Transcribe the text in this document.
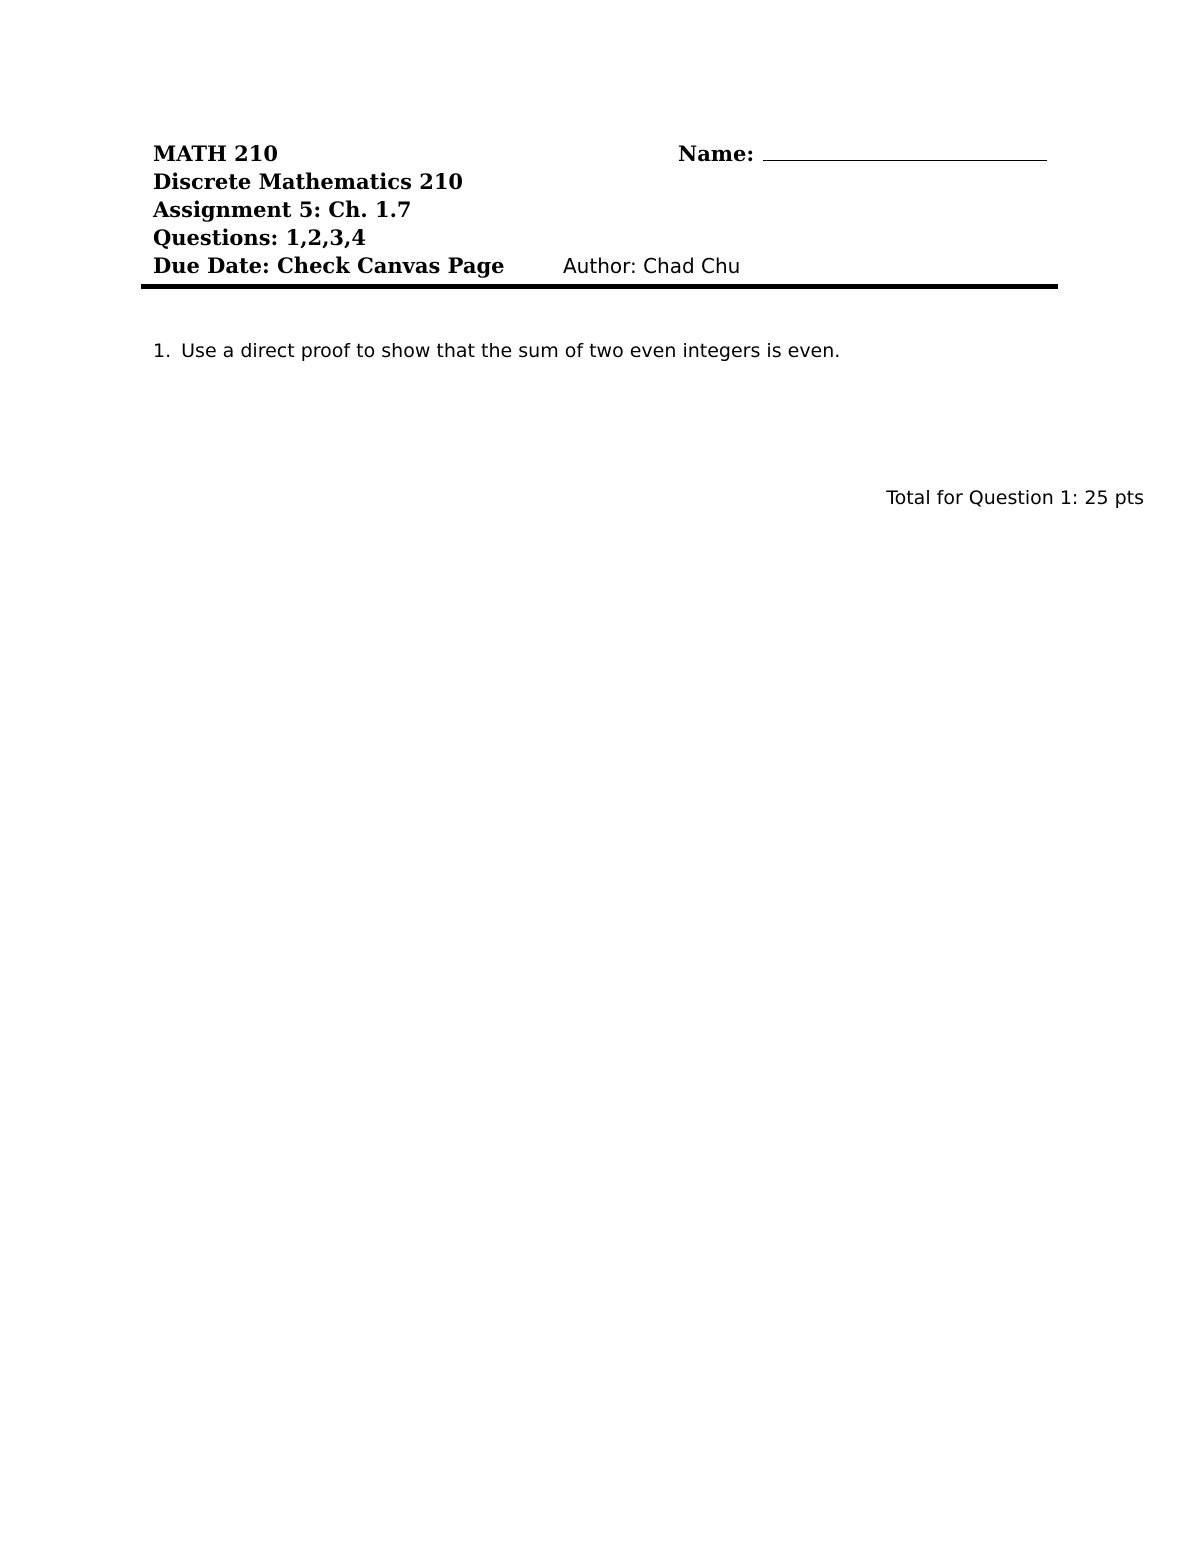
MATH 210
Discrete Mathematics 210
Assignment 5: Ch. 1.7
Questions: 1,2,3,4
Due Date: Check Canvas Page
Name:
Author: Chad Chu
1. Use a direct proof to show that the sum of two even integers is even.
Total for Question 1: 25 pts
